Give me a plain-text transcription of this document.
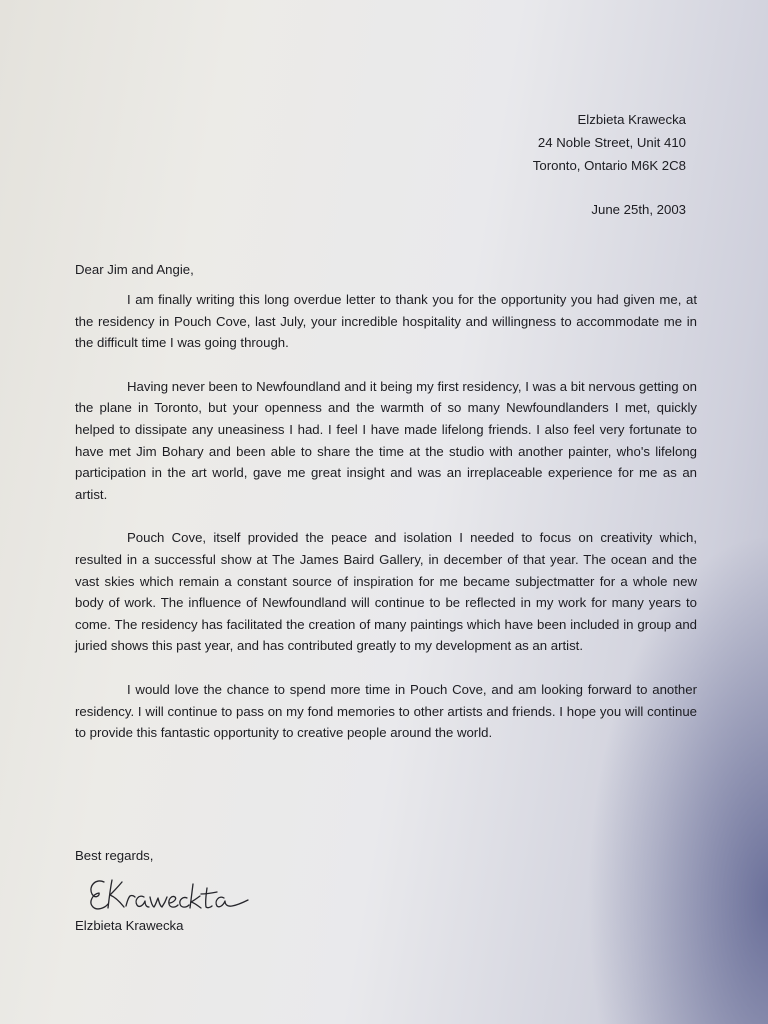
Elzbieta Krawecka
24 Noble Street, Unit 410
Toronto, Ontario M6K 2C8
June 25th, 2003
Dear Jim and Angie,

I am finally writing this long overdue letter to thank you for the opportunity you had given me, at the residency in Pouch Cove, last July, your incredible hospitality and willingness to accommodate me in the difficult time I was going through.

Having never been to Newfoundland and it being my first residency, I was a bit nervous getting on the plane in Toronto, but your openness and the warmth of so many Newfoundlanders I met, quickly helped to dissipate any uneasiness I had. I feel I have made lifelong friends. I also feel very fortunate to have met Jim Bohary and been able to share the time at the studio with another painter, who's lifelong participation in the art world, gave me great insight and was an irreplaceable experience for me as an artist.

Pouch Cove, itself provided the peace and isolation I needed to focus on creativity which, resulted in a successful show at The James Baird Gallery, in december of that year. The ocean and the vast skies which remain a constant source of inspiration for me became subjectmatter for a whole new body of work. The influence of Newfoundland will continue to be reflected in my work for many years to come. The residency has facilitated the creation of many paintings which have been included in group and juried shows this past year, and has contributed greatly to my development as an artist.

I would love the chance to spend more time in Pouch Cove, and am looking forward to another residency. I will continue to pass on my fond memories to other artists and friends. I hope you will continue to provide this fantastic opportunity to creative people around the world.

Best regards,
Elzbieta Krawecka
